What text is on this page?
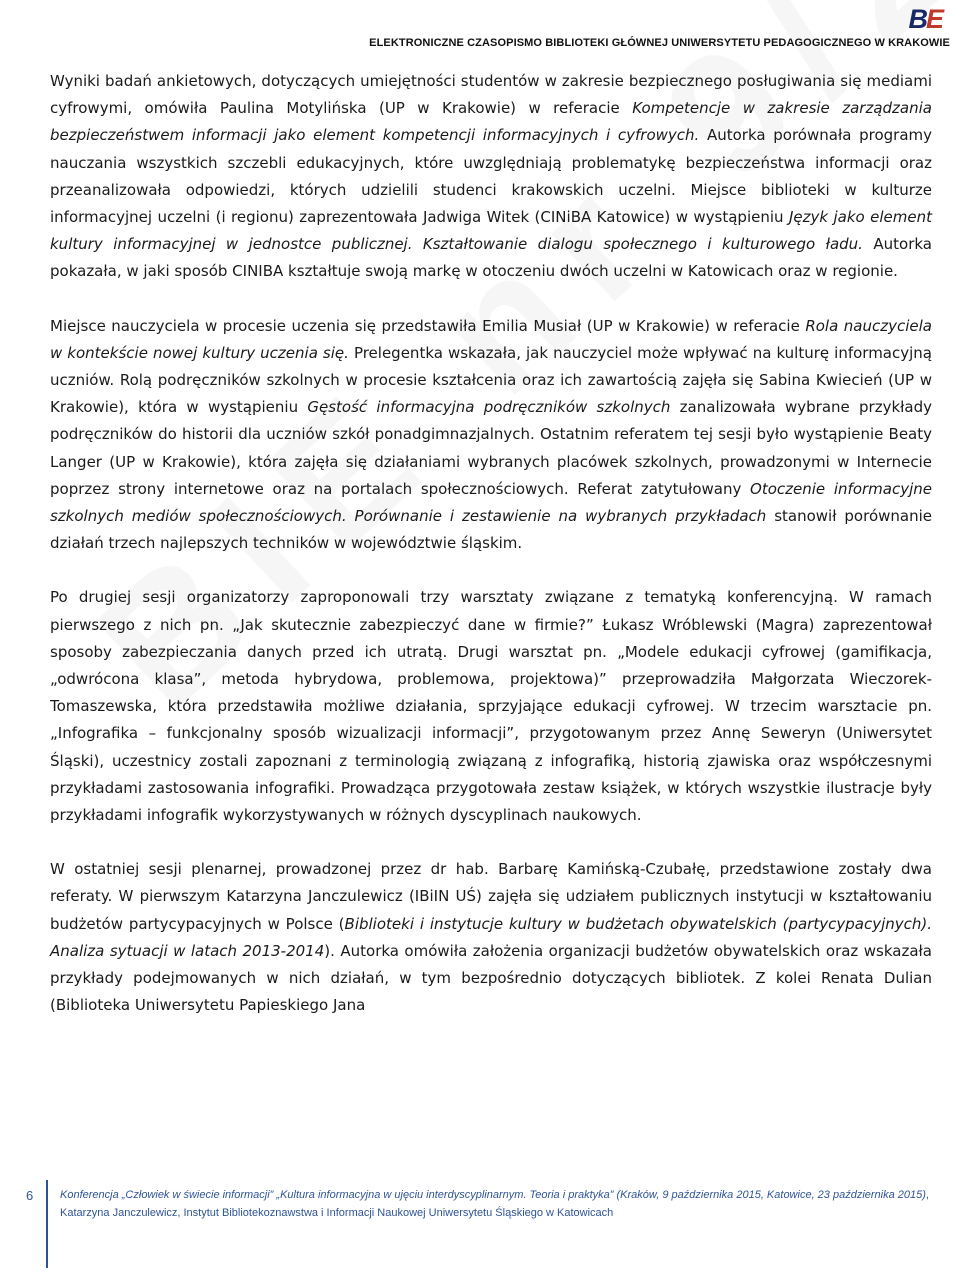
BE
ELEKTRONICZNE CZASOPISMO BIBLIOTEKI GŁÓWNEJ UNIWERSYTETU PEDAGOGICZNEGO W KRAKOWIE

Wyniki badań ankietowych, dotyczących umiejętności studentów w zakresie bezpiecznego posługiwania się mediami cyfrowymi, omówiła Paulina Motylińska (UP w Krakowie) w referacie Kompetencje w zakresie zarządzania bezpieczeństwem informacji jako element kompetencji informacyjnych i cyfrowych. Autorka porównała programy nauczania wszystkich szczebli edukacyjnych, które uwzględniają problematykę bezpieczeństwa informacji oraz przeanalizowała odpowiedzi, których udzielili studenci krakowskich uczelni. Miejsce biblioteki w kulturze informacyjnej uczelni (i regionu) zaprezentowała Jadwiga Witek (CINiBA Katowice) w wystąpieniu Język jako element kultury informacyjnej w jednostce publicznej. Kształtowanie dialogu społecznego i kulturowego ładu. Autorka pokazała, w jaki sposób CINIBA kształtuje swoją markę w otoczeniu dwóch uczelni w Katowicach oraz w regionie.

Miejsce nauczyciela w procesie uczenia się przedstawiła Emilia Musiał (UP w Krakowie) w referacie Rola nauczyciela w kontekście nowej kultury uczenia się. Prelegentka wskazała, jak nauczyciel może wpływać na kulturę informacyjną uczniów. Rolą podręczników szkolnych w procesie kształcenia oraz ich zawartością zajęła się Sabina Kwiecień (UP w Krakowie), która w wystąpieniu Gęstość informacyjna podręczników szkolnych zanalizowała wybrane przykłady podręczników do historii dla uczniów szkół ponadgimnazjalnych. Ostatnim referatem tej sesji było wystąpienie Beaty Langer (UP w Krakowie), która zajęła się działaniami wybranych placówek szkolnych, prowadzonymi w Internecie poprzez strony internetowe oraz na portalach społecznościowych. Referat zatytułowany Otoczenie informacyjne szkolnych mediów społecznościowych. Porównanie i zestawienie na wybranych przykładach stanowił porównanie działań trzech najlepszych techników w województwie śląskim.

Po drugiej sesji organizatorzy zaproponowali trzy warsztaty związane z tematyką konferencyjną. W ramach pierwszego z nich pn. „Jak skutecznie zabezpieczyć dane w firmie?” Łukasz Wróblewski (Magra) zaprezentował sposoby zabezpieczania danych przed ich utratą. Drugi warsztat pn. „Modele edukacji cyfrowej (gamifikacja, „odwrócona klasa”, metoda hybrydowa, problemowa, projektowa)” przeprowadziła Małgorzata Wieczorek-Tomaszewska, która przedstawiła możliwe działania, sprzyjające edukacji cyfrowej. W trzecim warsztacie pn. „Infografika – funkcjonalny sposób wizualizacji informacji”, przygotowanym przez Annę Seweryn (Uniwersytet Śląski), uczestnicy zostali zapoznani z terminologią związaną z infografiką, historią zjawiska oraz współczesnymi przykładami zastosowania infografiki. Prowadząca przygotowała zestaw książek, w których wszystkie ilustracje były przykładami infografik wykorzystywanych w różnych dyscyplinach naukowych.

W ostatniej sesji plenarnej, prowadzonej przez dr hab. Barbarę Kamińską-Czubałę, przedstawione zostały dwa referaty. W pierwszym Katarzyna Janczulewicz (IBiIN UŚ) zajęła się udziałem publicznych instytucji w kształtowaniu budżetów partycypacyjnych w Polsce (Biblioteki i instytucje kultury w budżetach obywatelskich (partycypacyjnych). Analiza sytuacji w latach 2013-2014). Autorka omówiła założenia organizacji budżetów obywatelskich oraz wskazała przykłady podejmowanych w nich działań, w tym bezpośrednio dotyczących bibliotek. Z kolei Renata Dulian (Biblioteka Uniwersytetu Papieskiego Jana

6 Konferencja „Człowiek w świecie informacji” „Kultura informacyjna w ujęciu interdyscyplinarnym. Teoria i praktyka” (Kraków, 9 października 2015, Katowice, 23 października 2015), Katarzyna Janczulewicz, Instytut Bibliotekoznawstwa i Informacji Naukowej Uniwersytetu Śląskiego w Katowicach
